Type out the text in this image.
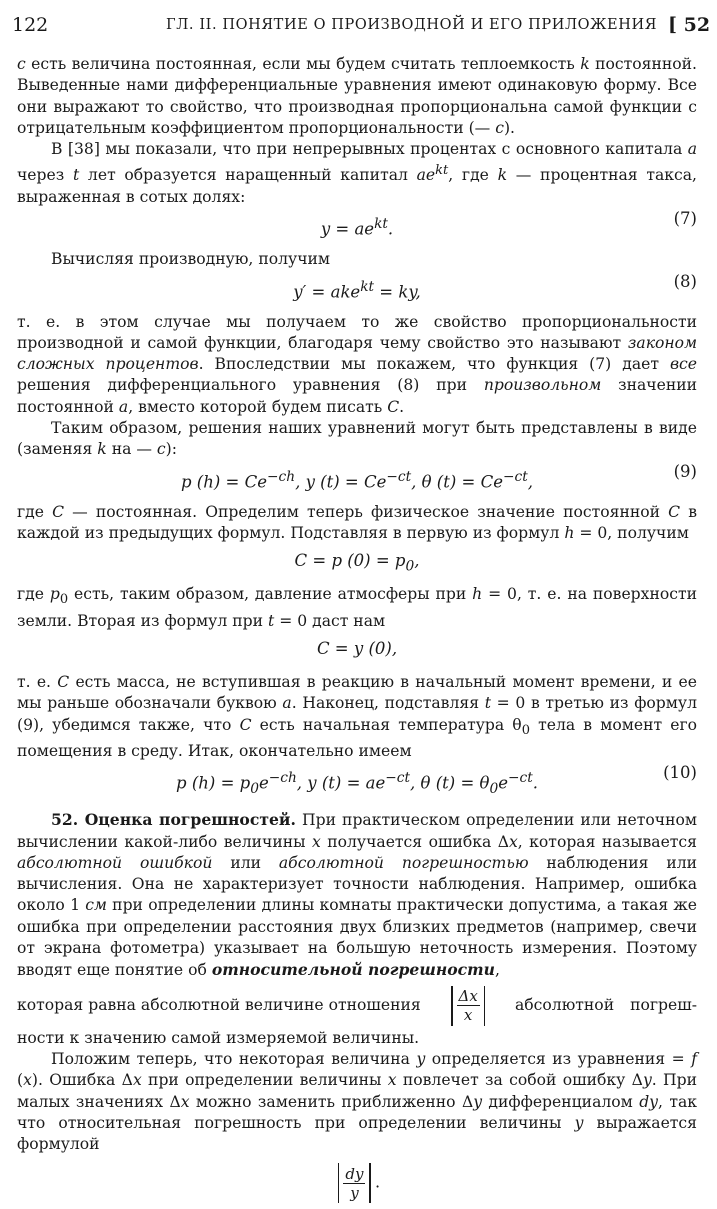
122	ГЛ. II. ПОНЯТИЕ О ПРОИЗВОДНОЙ И ЕГО ПРИЛОЖЕНИЯ [ 52

c есть величина постоянная, если мы будем считать теплоемкость k постоянной. Выведенные нами дифференциальные уравнения имеют одинаковую форму. Все они выражают то свойство, что производная пропорциональна самой функции с отрицательным коэффициентом пропорциональности (— c).

В [38] мы показали, что при непрерывных процентах с основного капитала a через t лет образуется наращенный капитал $ae^{kt}$, где k — процентная такса, выраженная в сотых долях:

$y = ae^{kt}$.
(7)

Вычисляя производную, получим

y′ = ake$^{kt}$ = ky,
(8)

т. е. в этом случае мы получаем то же свойство пропорциональности производной и самой функции, благодаря чему свойство это называют законом сложных процентов. Впоследствии мы покажем, что функция (7) дает все решения дифференциального уравнения (8) при произвольном значении постоянной a, вместо которой будем писать C.

Таким образом, решения наших уравнений могут быть представлены в виде (заменяя k на — c):

p $(h) = Ce^{-ch}$, y $(t) = Ce^{-ct}$, θ $(t) = Ce^{-ct}$,
(9)

где C — постоянная. Определим теперь физическое значение постоянной C в каждой из предыдущих формул. Подставляя в первую из формул h = 0, получим

C = p $(0) = p_0$,

где $p_0$ есть, таким образом, давление атмосферы при h = 0, т. е. на поверхности земли. Вторая из формул при t = 0 даст нам

C = y (0),

т. е. C есть масса, не вступившая в реакцию в начальный момент времени, и ее мы раньше обозначали буквою a. Наконец, подставляя t = 0 в третью из формул (9), убедимся также, что C есть начальная температура $\theta_0$ тела в момент его помещения в среду. Итак, окончательно имеем

p $(h) = p_0e^{-ch}$, y $(t) = ae^{-ct}$, θ $(t) = \theta_0e^{-ct}$.
(10)

52. Оценка погрешностей. При практическом определении или неточном вычислении какой-либо величины x получается ошибка Δx, которая называется абсолютной ошибкой или абсолютной погрешностью наблюдения или вычисления. Она не характеризует точности наблюдения. Например, ошибка около 1 см при определении длины комнаты практически допустима, а такая же ошибка при определении расстояния двух близких предметов (например, свечи от экрана фотометра) указывает на большую неточность измерения. Поэтому вводят еще понятие об относительной погрешности,

которая равна абсолютной величине отношения $\frac{\Delta x}{x}$ абсолютной погреш-

ности к значению самой измеряемой величины.

Положим теперь, что некоторая величина y определяется из уравнения = f (x). Ошибка Δx при определении величины x повлечет за собой ошибку Δy. При малых значениях Δx можно заменить приближенно Δy дифференциалом dy, так что относительная погрешность при определении величины y выражается формулой

$\frac{dy}{y}$ .
